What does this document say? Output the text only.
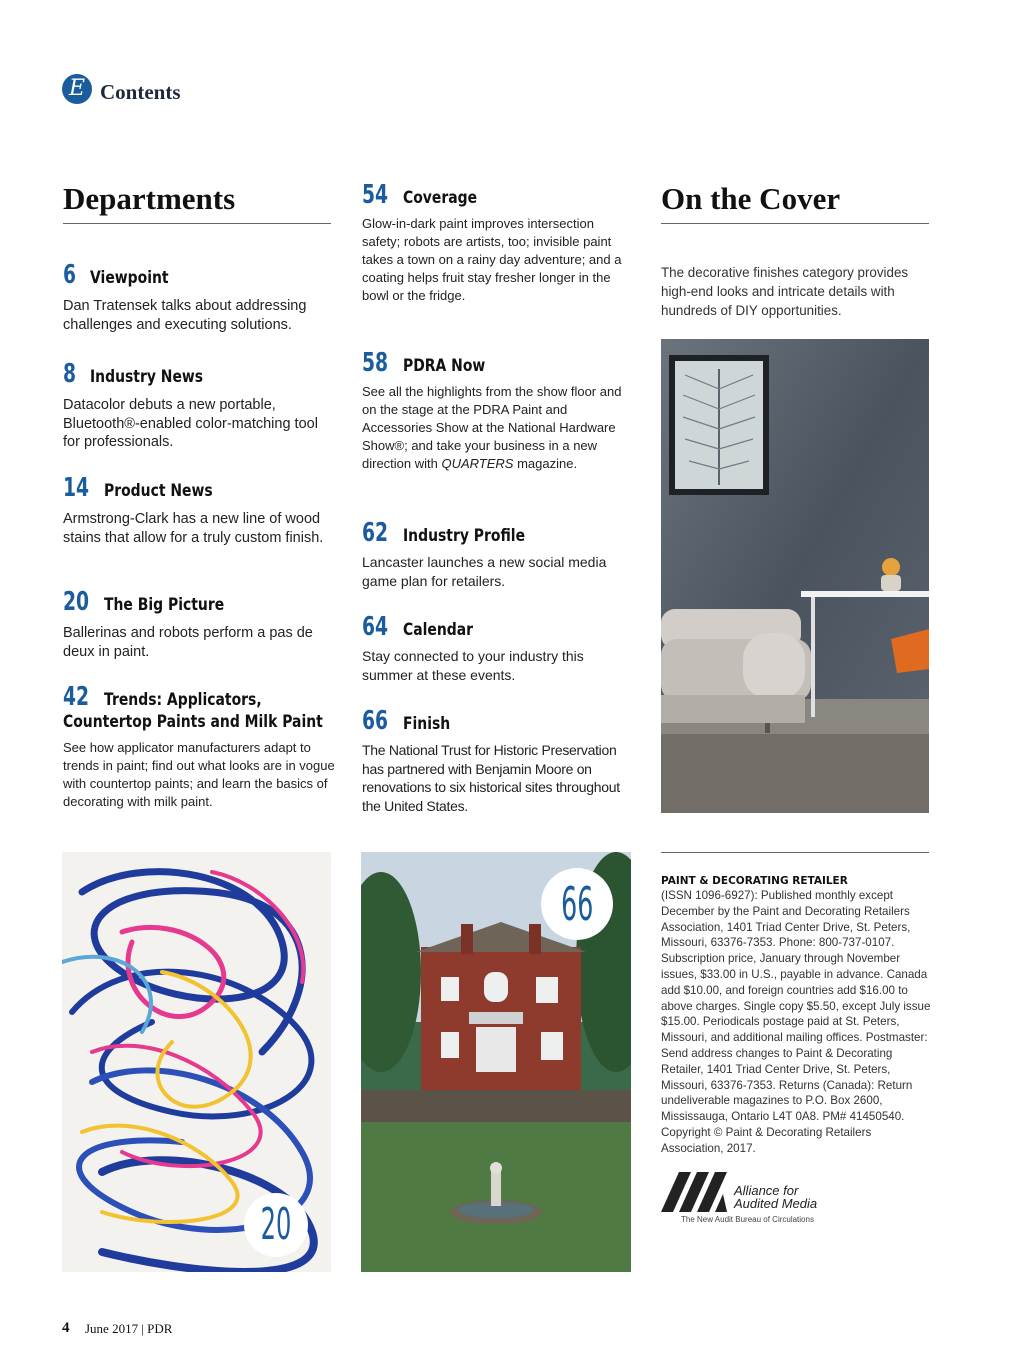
E Contents
Departments
6 Viewpoint
Dan Tratensek talks about addressing challenges and executing solutions.
8 Industry News
Datacolor debuts a new portable, Bluetooth®-enabled color-matching tool for professionals.
14 Product News
Armstrong-Clark has a new line of wood stains that allow for a truly custom finish.
20 The Big Picture
Ballerinas and robots perform a pas de deux in paint.
42 Trends: Applicators,
Countertop Paints and Milk Paint
See how applicator manufacturers adapt to trends in paint; find out what looks are in vogue with countertop paints; and learn the basics of decorating with milk paint.
54 Coverage
Glow-in-dark paint improves intersection safety; robots are artists, too; invisible paint takes a town on a rainy day adventure; and a coating helps fruit stay fresher longer in the bowl or the fridge.
58 PDRA Now
See all the highlights from the show floor and on the stage at the PDRA Paint and Accessories Show at the National Hardware Show®; and take your business in a new direction with QUARTERS magazine.
62 Industry Profile
Lancaster launches a new social media game plan for retailers.
64 Calendar
Stay connected to your industry this summer at these events.
66 Finish
The National Trust for Historic Preservation has partnered with Benjamin Moore on renovations to six historical sites throughout the United States.
On the Cover
The decorative finishes category provides high-end looks and intricate details with hundreds of DIY opportunities.
20
66	PAINT & DECORATING RETAILER
(ISSN 1096-6927): Published monthly except December by the Paint and Decorating Retailers Association, 1401 Triad Center Drive, St. Peters, Missouri, 63376-7353. Phone: 800-737-0107. Subscription price, January through November issues, $33.00 in U.S., payable in advance. Canada add $10.00, and foreign countries add $16.00 to above charges. Single copy $5.50, except July issue $15.00. Periodicals postage paid at St. Peters, Missouri, and additional mailing offices. Postmaster: Send address changes to Paint & Decorating Retailer, 1401 Triad Center Drive, St. Peters, Missouri, 63376-7353. Returns (Canada): Return undeliverable magazines to P.O. Box 2600, Mississauga, Ontario L4T 0A8. PM# 41450540. Copyright © Paint & Decorating Retailers Association, 2017.
Alliance for
Audited Media
The New Audit Bureau of Circulations
4 June 2017 | PDR
